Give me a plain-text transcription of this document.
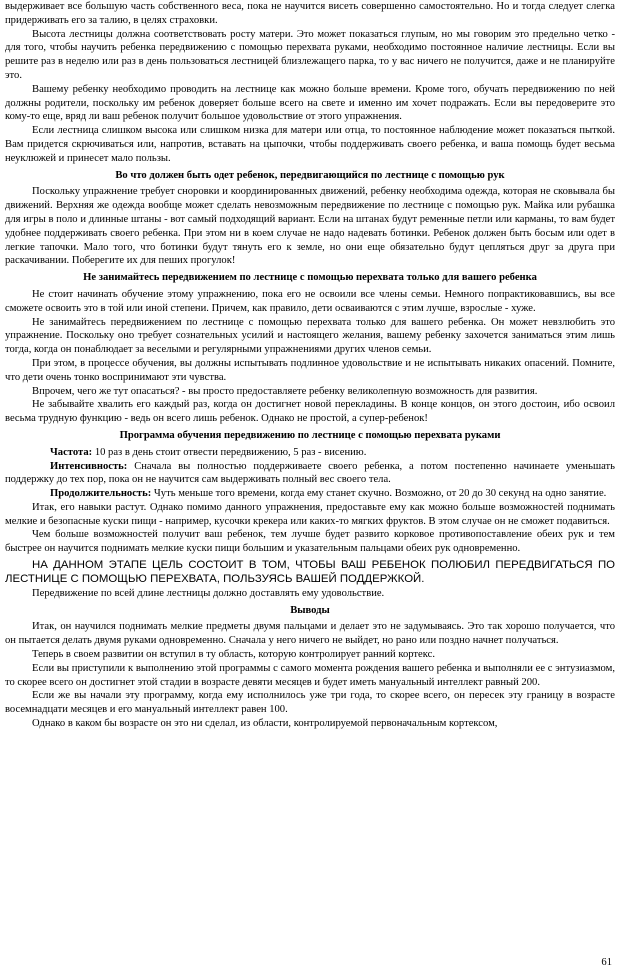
выдерживает все большую часть собственного веса, пока не научится висеть совершенно самостоятельно. Но и тогда следует слегка придерживать его за талию, в целях страховки.

Высота лестницы должна соответствовать росту матери. Это может показаться глупым, но мы говорим это предельно четко - для того, чтобы научить ребенка передвижению с помощью перехвата руками, необходимо постоянное наличие лестницы. Если вы решите раз в неделю или раз в день пользоваться лестницей близлежащего парка, то у вас ничего не получится, даже и не планируйте это.

Вашему ребенку необходимо проводить на лестнице как можно больше времени. Кроме того, обучать передвижению по ней должны родители, поскольку им ребенок доверяет больше всего на свете и именно им хочет подражать. Если вы передоверите это кому-то еще, вряд ли ваш ребенок получит большое удовольствие от этого упражнения.

Если лестница слишком высока или слишком низка для матери или отца, то постоянное наблюдение может показаться пыткой. Вам придется скрючиваться или, напротив, вставать на цыпочки, чтобы поддерживать своего ребенка, и ваша помощь будет весьма неуклюжей и принесет мало пользы.

Во что должен быть одет ребенок, передвигающийся по лестнице с помощью рук

Поскольку упражнение требует сноровки и координированных движений, ребенку необходима одежда, которая не сковывала бы движений. Верхняя же одежда вообще может сделать невозможным передвижение по лестнице с помощью рук. Майка или рубашка для игры в поло и длинные штаны - вот самый подходящий вариант. Если на штанах будут ременные петли или карманы, то вам будет удобнее поддерживать своего ребенка. При этом ни в коем случае не надо надевать ботинки. Ребенок должен быть босым или одет в легкие тапочки. Мало того, что ботинки будут тянуть его к земле, но они еще обязательно будут цепляться друг за друга при раскачивании. Поберегите их для пеших прогулок!

Не занимайтесь передвижением по лестнице с помощью перехвата только для вашего ребенка

Не стоит начинать обучение этому упражнению, пока его не освоили все члены семьи. Немного попрактиковавшись, вы все сможете освоить это в той или иной степени. Причем, как правило, дети осваиваются с этим лучше, взрослые - хуже.

Не занимайтесь передвижением по лестнице с помощью перехвата только для вашего ребенка. Он может невзлюбить это упражнение. Поскольку оно требует сознательных усилий и настоящего желания, вашему ребенку захочется заниматься этим лишь тогда, когда он понаблюдает за веселыми и регулярными упражнениями других членов семьи.

При этом, в процессе обучения, вы должны испытывать подлинное удовольствие и не испытывать никаких опасений. Помните, что дети очень тонко воспринимают эти чувства.

Впрочем, чего же тут опасаться? - вы просто предоставляете ребенку великолепную возможность для развития.

Не забывайте хвалить его каждый раз, когда он достигнет новой перекладины. В конце концов, он этого достоин, ибо освоил весьма трудную функцию - ведь он всего лишь ребенок. Однако не простой, а супер-ребенок!

Программа обучения передвижению по лестнице с помощью перехвата руками

Частота: 10 раз в день стоит отвести передвижению, 5 раз - висению.

Интенсивность: Сначала вы полностью поддерживаете своего ребенка, а потом постепенно начинаете уменьшать поддержку до тех пор, пока он не научится сам выдерживать полный вес своего тела.

Продолжительность: Чуть меньше того времени, когда ему станет скучно. Возможно, от 20 до 30 секунд на одно занятие.

Итак, его навыки растут. Однако помимо данного упражнения, предоставьте ему как можно больше возможностей поднимать мелкие и безопасные куски пищи - например, кусочки крекера или каких-то мягких фруктов. В этом случае он не сможет подавиться.

Чем больше возможностей получит ваш ребенок, тем лучше будет развито корковое противопоставление обеих рук и тем быстрее он научится поднимать мелкие куски пищи большим и указательным пальцами обеих рук одновременно.

НА ДАННОМ ЭТАПЕ ЦЕЛЬ СОСТОИТ В ТОМ, ЧТОБЫ ВАШ РЕБЕНОК ПОЛЮБИЛ ПЕРЕДВИГАТЬСЯ ПО ЛЕСТНИЦЕ С ПОМОЩЬЮ ПЕРЕХВАТА, ПОЛЬЗУЯСЬ ВАШЕЙ ПОДДЕРЖКОЙ.

Передвижение по всей длине лестницы должно доставлять ему удовольствие.

Выводы

Итак, он научился поднимать мелкие предметы двумя пальцами и делает это не задумываясь. Это так хорошо получается, что он пытается делать двумя руками одновременно. Сначала у него ничего не выйдет, но рано или поздно начнет получаться.

Теперь в своем развитии он вступил в ту область, которую контролирует ранний кортекс.

Если вы приступили к выполнению этой программы с самого момента рождения вашего ребенка и выполняли ее с энтузиазмом, то скорее всего он достигнет этой стадии в возрасте девяти месяцев и будет иметь мануальный интеллект равный 200.

Если же вы начали эту программу, когда ему исполнилось уже три года, то скорее всего, он пересек эту границу в возрасте восемнадцати месяцев и его мануальный интеллект равен 100.

Однако в каком бы возрасте он это ни сделал, из области, контролируемой первоначальным кортексом,

61
